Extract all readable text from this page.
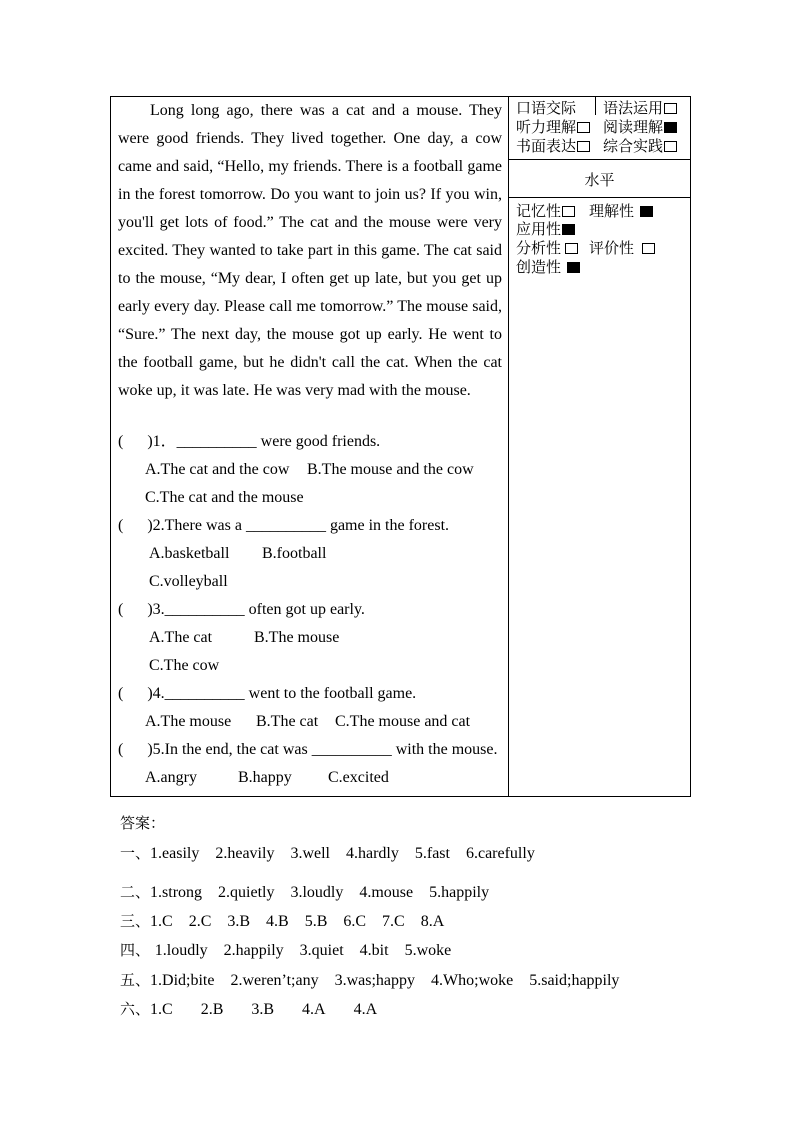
Long long ago, there was a cat and a mouse. They were good friends. They lived together. One day, a cow came and said, “Hello, my friends. There is a football game in the forest tomorrow. Do you want to join us? If you win, you'll get lots of food.” The cat and the mouse were very excited. They wanted to take part in this game. The cat said to the mouse, “My dear, I often get up late, but you get up early every day. Please call me tomorrow.” The mouse said, “Sure.” The next day, the mouse got up early. He went to the football game, but he didn't call the cat. When the cat woke up, it was late. He was very mad with the mouse.

(      )1．__________ were good friends.
A.The cat and the cow B.The mouse and the cow
C.The cat and the mouse
(      )2.There was a __________ game in the forest.
A.basketball B.football
C.volleyball
(      )3.__________ often got up early.
A.The cat	B.The mouse
C.The cow
(      )4.__________ went to the football game.
A.The mouse B.The cat C.The mouse and cat
(      )5.In the end, the cat was __________ with the mouse.
A.angry	B.happy C.excited
口语交际 语法运用
听力理解	阅读理解
书面表达	综合实践
水平
记忆性	理解性
应用性
分析性	评价性
创造性
答案：
一、1.easily 2.heavily 3.well 4.hardly 5.fast 6.carefully
二、1.strong 2.quietly 3.loudly 4.mouse 5.happily
三、1.C 2.C 3.B 4.B 5.B 6.C 7.C 8.A
四、 1.loudly 2.happily 3.quiet 4.bit 5.woke
五、1.Did;bite 2.weren’t;any 3.was;happy 4.Who;woke 5.said;happily
六、1.C 2.B 3.B 4.A 4.A
